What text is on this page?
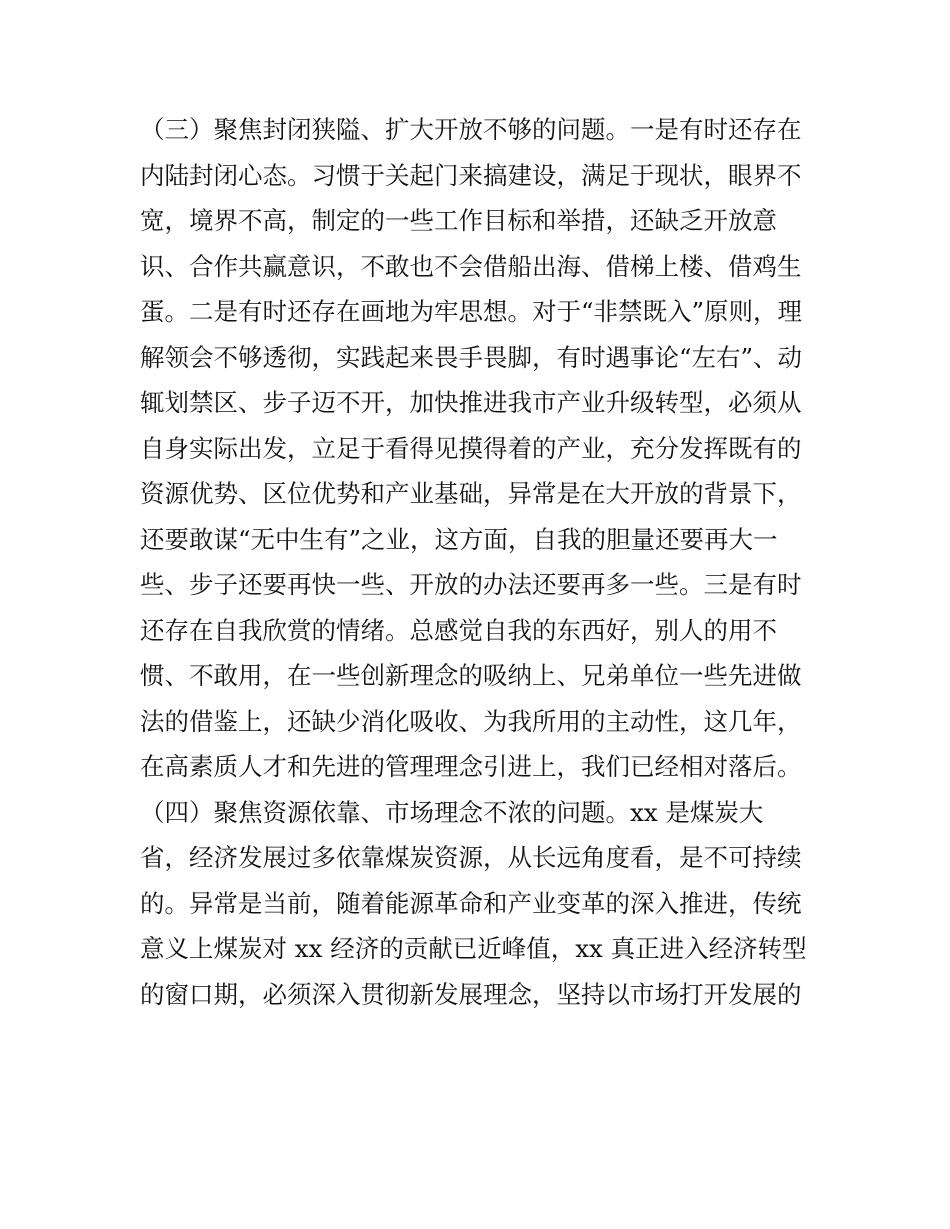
（三）聚焦封闭狭隘、扩大开放不够的问题。一是有时还存在
内陆封闭心态。习惯于关起门来搞建设，满足于现状，眼界不
宽，境界不高，制定的一些工作目标和举措，还缺乏开放意
识、合作共赢意识，不敢也不会借船出海、借梯上楼、借鸡生
蛋。二是有时还存在画地为牢思想。对于“非禁既入”原则，理
解领会不够透彻，实践起来畏手畏脚，有时遇事论“左右”、动
辄划禁区、步子迈不开，加快推进我市产业升级转型，必须从
自身实际出发，立足于看得见摸得着的产业，充分发挥既有的
资源优势、区位优势和产业基础，异常是在大开放的背景下，
还要敢谋“无中生有”之业，这方面，自我的胆量还要再大一
些、步子还要再快一些、开放的办法还要再多一些。三是有时
还存在自我欣赏的情绪。总感觉自我的东西好，别人的用不
惯、不敢用，在一些创新理念的吸纳上、兄弟单位一些先进做
法的借鉴上，还缺少消化吸收、为我所用的主动性，这几年，
在高素质人才和先进的管理理念引进上，我们已经相对落后。
（四）聚焦资源依靠、市场理念不浓的问题。xx 是煤炭大
省，经济发展过多依靠煤炭资源，从长远角度看，是不可持续
的。异常是当前，随着能源革命和产业变革的深入推进，传统
意义上煤炭对 xx 经济的贡献已近峰值，xx 真正进入经济转型
的窗口期，必须深入贯彻新发展理念，坚持以市场打开发展的
